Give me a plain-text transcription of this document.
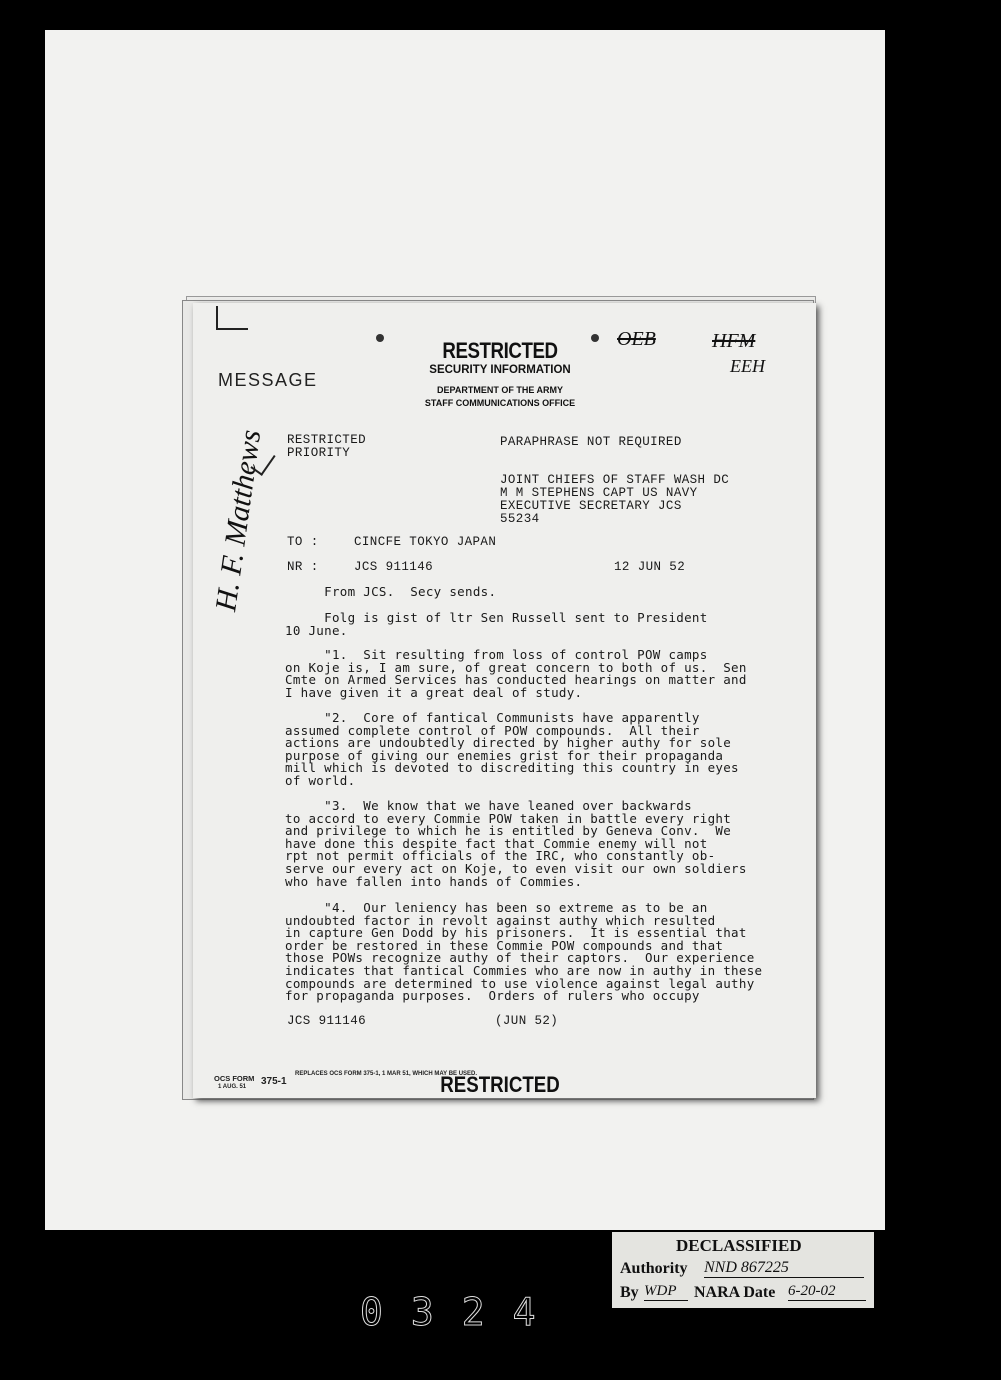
RESTRICTED
SECURITY INFORMATION
DEPARTMENT OF THE ARMY
STAFF COMMUNICATIONS OFFICE
MESSAGE
OEB	HFM
EEH
H. F. Matthews RESTRICTED
PRIORITY
PARAPHRASE NOT REQUIRED
JOINT CHIEFS OF STAFF WASH DC
M M STEPHENS CAPT US NAVY
EXECUTIVE SECRETARY JCS
55234
TO :	CINCFE TOKYO JAPAN
NR :	JCS 911146	12 JUN 52
From JCS.  Secy sends.
Folg is gist of ltr Sen Russell sent to President
10 June.
"1.  Sit resulting from loss of control POW camps
on Koje is, I am sure, of great concern to both of us.  Sen
Cmte on Armed Services has conducted hearings on matter and
I have given it a great deal of study.
"2.  Core of fantical Communists have apparently
assumed complete control of POW compounds.  All their
actions are undoubtedly directed by higher authy for sole
purpose of giving our enemies grist for their propaganda
mill which is devoted to discrediting this country in eyes
of world.
"3.  We know that we have leaned over backwards
to accord to every Commie POW taken in battle every right
and privilege to which he is entitled by Geneva Conv.  We
have done this despite fact that Commie enemy will not
rpt not permit officials of the IRC, who constantly ob-
serve our every act on Koje, to even visit our own soldiers
who have fallen into hands of Commies.
"4.  Our leniency has been so extreme as to be an
undoubted factor in revolt against authy which resulted
in capture Gen Dodd by his prisoners.  It is essential that
order be restored in these Commie POW compounds and that
those POWs recognize authy of their captors.  Our experience
indicates that fantical Commies who are now in authy in these
compounds are determined to use violence against legal authy
for propaganda purposes.  Orders of rulers who occupy
JCS 911146	(JUN 52)
OCS FORM
1 AUG. 51 375-1
REPLACES OCS FORM 375-1, 1 MAR 51, WHICH MAY BE USED.
RESTRICTED
DECLASSIFIED
Authority NND 867225
By WDP	NARA Date 6-20-02
0324
